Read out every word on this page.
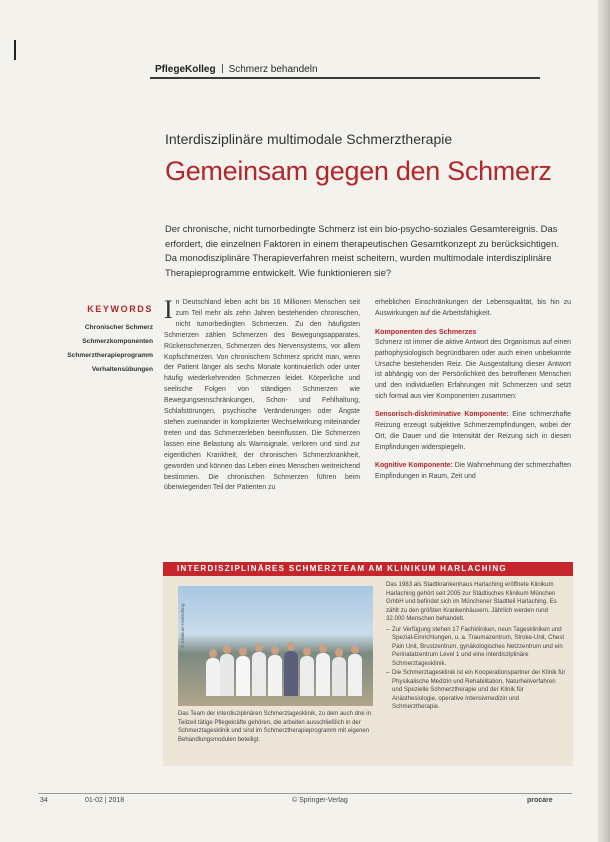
PflegeKolleg Schmerz behandeln
Interdisziplinäre multimodale Schmerztherapie
Gemeinsam gegen den Schmerz
Der chronische, nicht tumorbedingte Schmerz ist ein bio-psycho-soziales Gesamtereignis. Das erfordert, die einzelnen Faktoren in einem therapeutischen Gesamtkonzept zu berücksichtigen. Da monodisziplinäre Therapieverfahren meist scheitern, wurden multimodale interdisziplinäre Therapieprogramme entwickelt. Wie funktionieren sie?
KEYWORDS
Chronischer Schmerz
Schmerzkomponenten
Schmerztherapieprogramm
Verhaltensübungen

In Deutschland leben acht bis 16 Millionen Menschen seit zum Teil mehr als zehn Jahren bestehenden chronischen, nicht tumorbedingten Schmerzen. Zu den häufigsten Schmerzen zählen Schmerzen des Bewegungsapparates, Rückenschmerzen, Schmerzen des Nervensystems, vor allem Kopfschmerzen. Von chronischem Schmerz spricht man, wenn der Patient länger als sechs Monate kontinuierlich oder unter häufig wiederkehrenden Schmerzen leidet. Körperliche und seelische Folgen von ständigen Schmerzen wie Bewegungseinschränkungen, Schon- und Fehlhaltung, Schlafstörungen, psychische Veränderungen oder Ängste stehen zueinander in komplizierter Wechselwirkung miteinander treten und das Schmerzerleben beeinflussen. Die Schmerzen lassen eine Belastung als Warnsignale, verloren und sind zur eigentlichen Krankheit, der chronischen Schmerzkrankheit, geworden und können das Leben eines Menschen weitreichend bestimmen. Die chronischen Schmerzen führen beim überwiegenden Teil der Patienten zu

erheblichen Einschränkungen der Lebensqualität, bis hin zu Auswirkungen auf die Arbeitsfähigkeit.

Komponenten des Schmerzes

Schmerz ist immer die aktive Antwort des Organismus auf einen pathophysiologisch begründbaren oder auch einen unbekannte Ursache bestehenden Reiz. Die Ausgestaltung dieser Antwort ist abhängig von der Persönlichkeit des betroffenen Menschen und den individuellen Erfahrungen mit Schmerzen und setzt sich formal aus vier Komponenten zusammen:

Sensorisch-diskriminative Komponente: Eine schmerzhafte Reizung erzeugt subjektive Schmerzempfindungen, wobei der Ort, die Dauer und die Intensität der Reizung sich in diesen Empfindungen widerspiegeln.

Kognitive Komponente: Die Wahrnehmung der schmerzhaften Empfindungen in Raum, Zeit und

INTERDISZIPLINÄRES SCHMERZTEAM AM KLINIKUM HARLACHING
© Klinikum Harlaching
Das Team der interdisziplinären Schmerztagesklinik, zu dem auch drei in Teilzeit tätige Pflegekräfte gehören, die arbeiten ausschließlich in der Schmerztagesklinik und sind im Schmerztherapieprogramm mit eigenen Behandlungsmodulen beteiligt.

Das 1983 als Stadtkrankenhaus Harlaching eröffnete Klinikum Harlaching gehört seit 2005 zur Städtisches Klinikum München GmbH und befindet sich im Münchener Stadtteil Harlaching. Es zählt zu den größten Krankenhäusern. Jährlich werden rund 32.000 Menschen behandelt.

– Zur Verfügung stehen 17 Fachkliniken, neun Tageskliniken und Spezial-Einrichtungen, u. a. Traumazentrum, Stroke-Unit, Chest Pain Unit, Brustzentrum, gynäkologisches Netzzentrum und ein Perinatalzentrum Level 1 und eine interdisziplinäre Schmerztagesklinik.
– Die Schmerztagesklinik ist ein Kooperationspartner der Klinik für Physikalische Medizin und Rehabilitation, Naturheilverfahren und Spezielle Schmerztherapie und der Klinik für Anästhesiologie, operative Intensivmedizin und Schmerztherapie.
34	01-02 | 2018	© Springer-Verlag	procare
